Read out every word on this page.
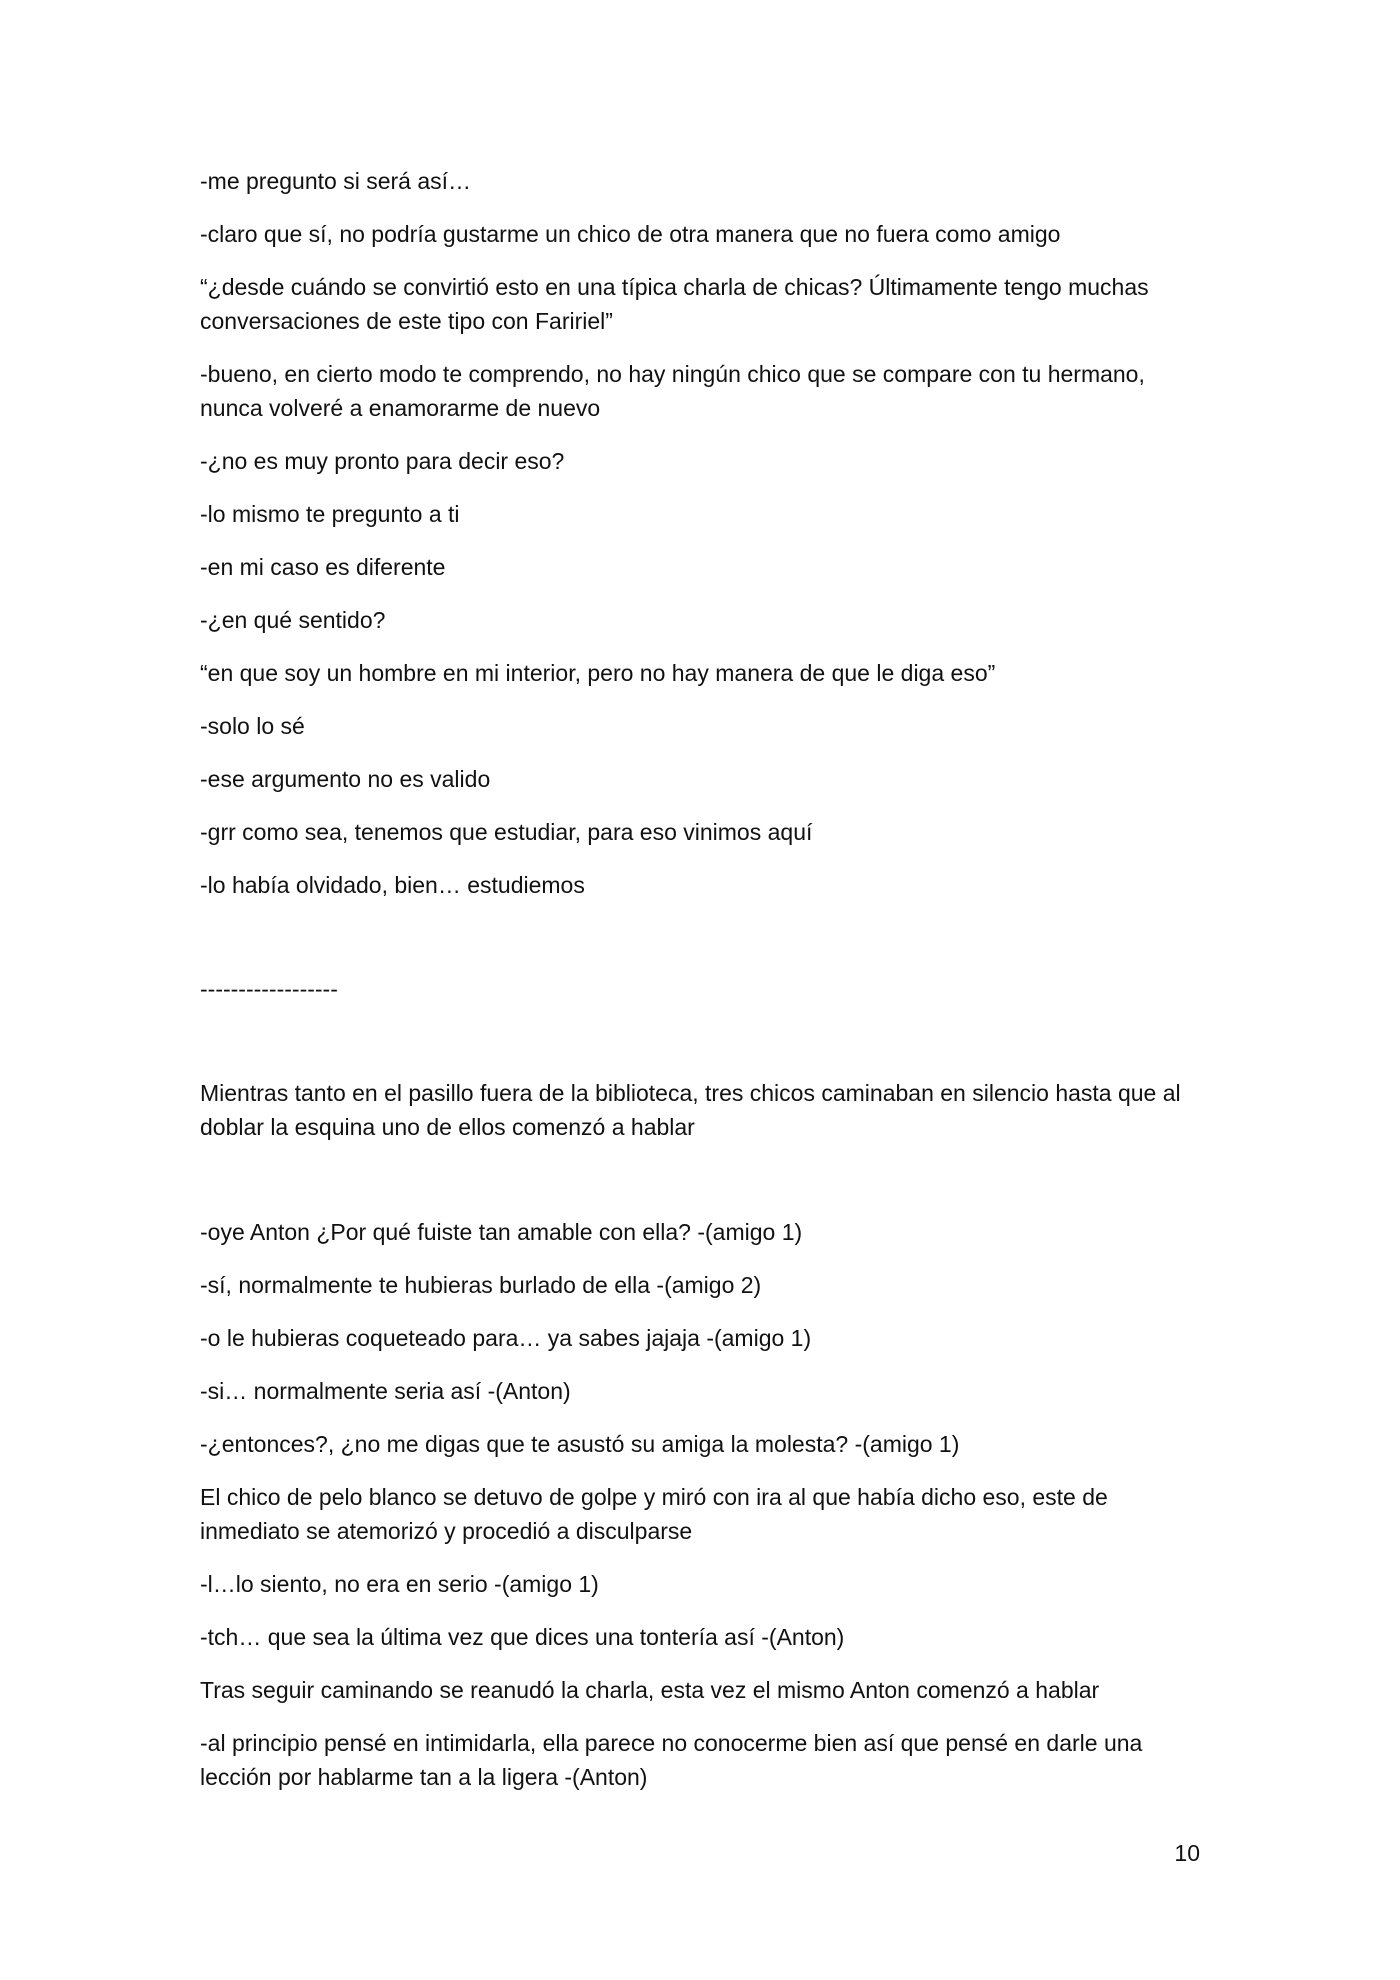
-me pregunto si será así…

-claro que sí, no podría gustarme un chico de otra manera que no fuera como amigo

“¿desde cuándo se convirtió esto en una típica charla de chicas? Últimamente tengo muchas conversaciones de este tipo con Faririel”

-bueno, en cierto modo te comprendo, no hay ningún chico que se compare con tu hermano, nunca volveré a enamorarme de nuevo

-¿no es muy pronto para decir eso?

-lo mismo te pregunto a ti

-en mi caso es diferente

-¿en qué sentido?

“en que soy un hombre en mi interior, pero no hay manera de que le diga eso”

-solo lo sé

-ese argumento no es valido

-grr como sea, tenemos que estudiar, para eso vinimos aquí

-lo había olvidado, bien… estudiemos

------------------

Mientras tanto en el pasillo fuera de la biblioteca, tres chicos caminaban en silencio hasta que al doblar la esquina uno de ellos comenzó a hablar

-oye Anton ¿Por qué fuiste tan amable con ella? -(amigo 1)

-sí, normalmente te hubieras burlado de ella -(amigo 2)

-o le hubieras coqueteado para… ya sabes jajaja -(amigo 1)

-si… normalmente seria así -(Anton)

-¿entonces?, ¿no me digas que te asustó su amiga la molesta? -(amigo 1)

El chico de pelo blanco se detuvo de golpe y miró con ira al que había dicho eso, este de inmediato se atemorizó y procedió a disculparse

-l…lo siento, no era en serio -(amigo 1)

-tch… que sea la última vez que dices una tontería así -(Anton)

Tras seguir caminando se reanudó la charla, esta vez el mismo Anton comenzó a hablar

-al principio pensé en intimidarla, ella parece no conocerme bien así que pensé en darle una lección por hablarme tan a la ligera -(Anton)

10
